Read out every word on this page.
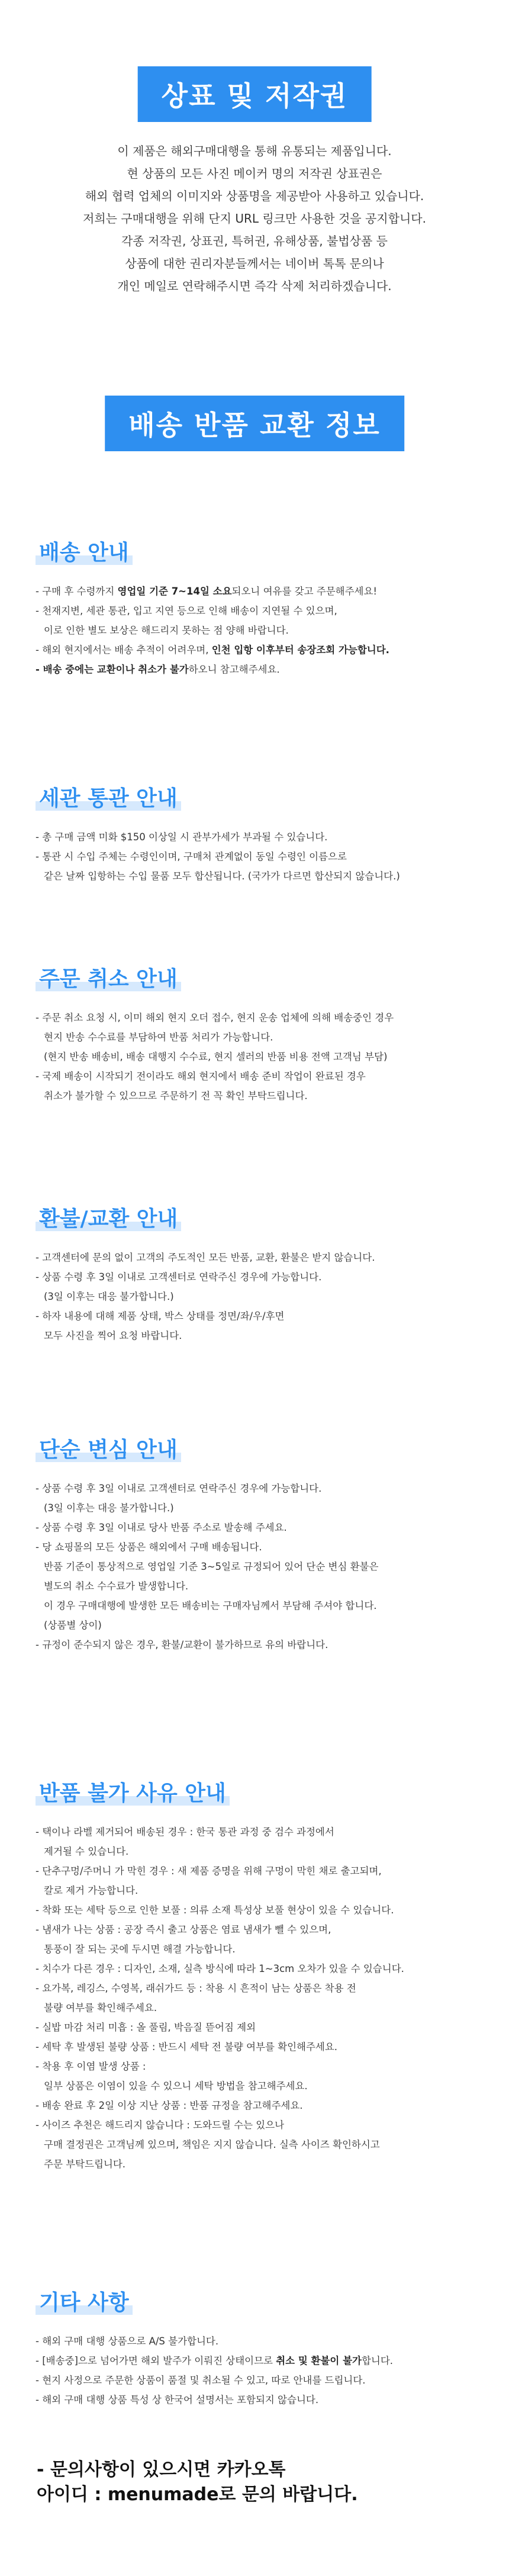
상표 및 저작권
이 제품은 해외구매대행을 통해 유통되는 제품입니다.
현 상품의 모든 사진 메이커 명의 저작권 상표권은
해외 협력 업체의 이미지와 상품명을 제공받아 사용하고 있습니다.
저희는 구매대행을 위해 단지 URL 링크만 사용한 것을 공지합니다.
각종 저작권, 상표권, 특허권, 유해상품, 불법상품 등
상품에 대한 권리자분들께서는 네이버 톡톡 문의나
개인 메일로 연락해주시면 즉각 삭제 처리하겠습니다.
배송 반품 교환 정보
배송 안내
- 구매 후 수령까지 영업일 기준 7~14일 소요되오니 여유를 갖고 주문해주세요!
- 천재지변, 세관 통관, 입고 지연 등으로 인해 배송이 지연될 수 있으며,
이로 인한 별도 보상은 해드리지 못하는 점 양해 바랍니다.
- 해외 현지에서는 배송 추적이 어려우며, 인천 입항 이후부터 송장조회 가능합니다.
- 배송 중에는 교환이나 취소가 불가하오니 참고해주세요.
세관 통관 안내
- 총 구매 금액 미화 $150 이상일 시 관부가세가 부과될 수 있습니다.
- 통관 시 수입 주체는 수령인이며, 구매처 관계없이 동일 수령인 이름으로
같은 날짜 입항하는 수입 물품 모두 합산됩니다. (국가가 다르면 합산되지 않습니다.)
주문 취소 안내
- 주문 취소 요청 시, 이미 해외 현지 오더 접수, 현지 운송 업체에 의해 배송중인 경우
현지 반송 수수료를 부담하여 반품 처리가 가능합니다.
(현지 반송 배송비, 배송 대행지 수수료, 현지 셀러의 반품 비용 전액 고객님 부담)
- 국제 배송이 시작되기 전이라도 해외 현지에서 배송 준비 작업이 완료된 경우
취소가 불가할 수 있으므로 주문하기 전 꼭 확인 부탁드립니다.
환불/교환 안내
- 고객센터에 문의 없이 고객의 주도적인 모든 반품, 교환, 환불은 받지 않습니다.
- 상품 수령 후 3일 이내로 고객센터로 연락주신 경우에 가능합니다.
(3일 이후는 대응 불가합니다.)
- 하자 내용에 대해 제품 상태, 박스 상태를 정면/좌/우/후면
모두 사진을 찍어 요청 바랍니다.
단순 변심 안내
- 상품 수령 후 3일 이내로 고객센터로 연락주신 경우에 가능합니다.
(3일 이후는 대응 불가합니다.)
- 상품 수령 후 3일 이내로 당사 반품 주소로 발송해 주세요.
- 당 쇼핑몰의 모든 상품은 해외에서 구매 배송됩니다.
반품 기준이 통상적으로 영업일 기준 3~5일로 규정되어 있어 단순 변심 환불은
별도의 취소 수수료가 발생합니다.
이 경우 구매대행에 발생한 모든 배송비는 구매자님께서 부담해 주셔야 합니다.
(상품별 상이)
- 규정이 준수되지 않은 경우, 환불/교환이 불가하므로 유의 바랍니다.
반품 불가 사유 안내
- 택이나 라벨 제거되어 배송된 경우 : 한국 통관 과정 중 검수 과정에서
제거될 수 있습니다.
- 단추구멍/주머니 가 막힌 경우 : 새 제품 증명을 위해 구멍이 막힌 채로 출고되며,
칼로 제거 가능합니다.
- 착화 또는 세탁 등으로 인한 보풀 : 의류 소재 특성상 보풀 현상이 있을 수 있습니다.
- 냄새가 나는 상품 : 공장 즉시 출고 상품은 염료 냄새가 뺄 수 있으며,
통풍이 잘 되는 곳에 두시면 해결 가능합니다.
- 치수가 다른 경우 : 디자인, 소재, 실측 방식에 따라 1~3cm 오차가 있을 수 있습니다.
- 요가복, 레깅스, 수영복, 래쉬가드 등 : 착용 시 흔적이 남는 상품은 착용 전
불량 여부를 확인해주세요.
- 실밥 마감 처리 미흡 : 올 풀림, 박음질 뜯어짐 제외
- 세탁 후 발생된 불량 상품 : 반드시 세탁 전 불량 여부를 확인해주세요.
- 착용 후 이염 발생 상품 :
일부 상품은 이염이 있을 수 있으니 세탁 방법을 참고해주세요.
- 배송 완료 후 2일 이상 지난 상품 : 반품 규정을 참고해주세요.
- 사이즈 추천은 해드리지 않습니다 : 도와드릴 수는 있으나
구매 결정권은 고객님께 있으며, 책임은 지지 않습니다. 실측 사이즈 확인하시고
주문 부탁드립니다.
기타 사항
- 해외 구매 대행 상품으로 A/S 불가합니다.
- [배송중]으로 넘어가면 해외 발주가 이뤄진 상태이므로 취소 및 환불이 불가합니다.
- 현지 사정으로 주문한 상품이 품절 및 취소될 수 있고, 따로 안내를 드립니다.
- 해외 구매 대행 상품 특성 상 한국어 설명서는 포함되지 않습니다.
- 문의사항이 있으시면 카카오톡
아이디 : menumade로 문의 바랍니다.
